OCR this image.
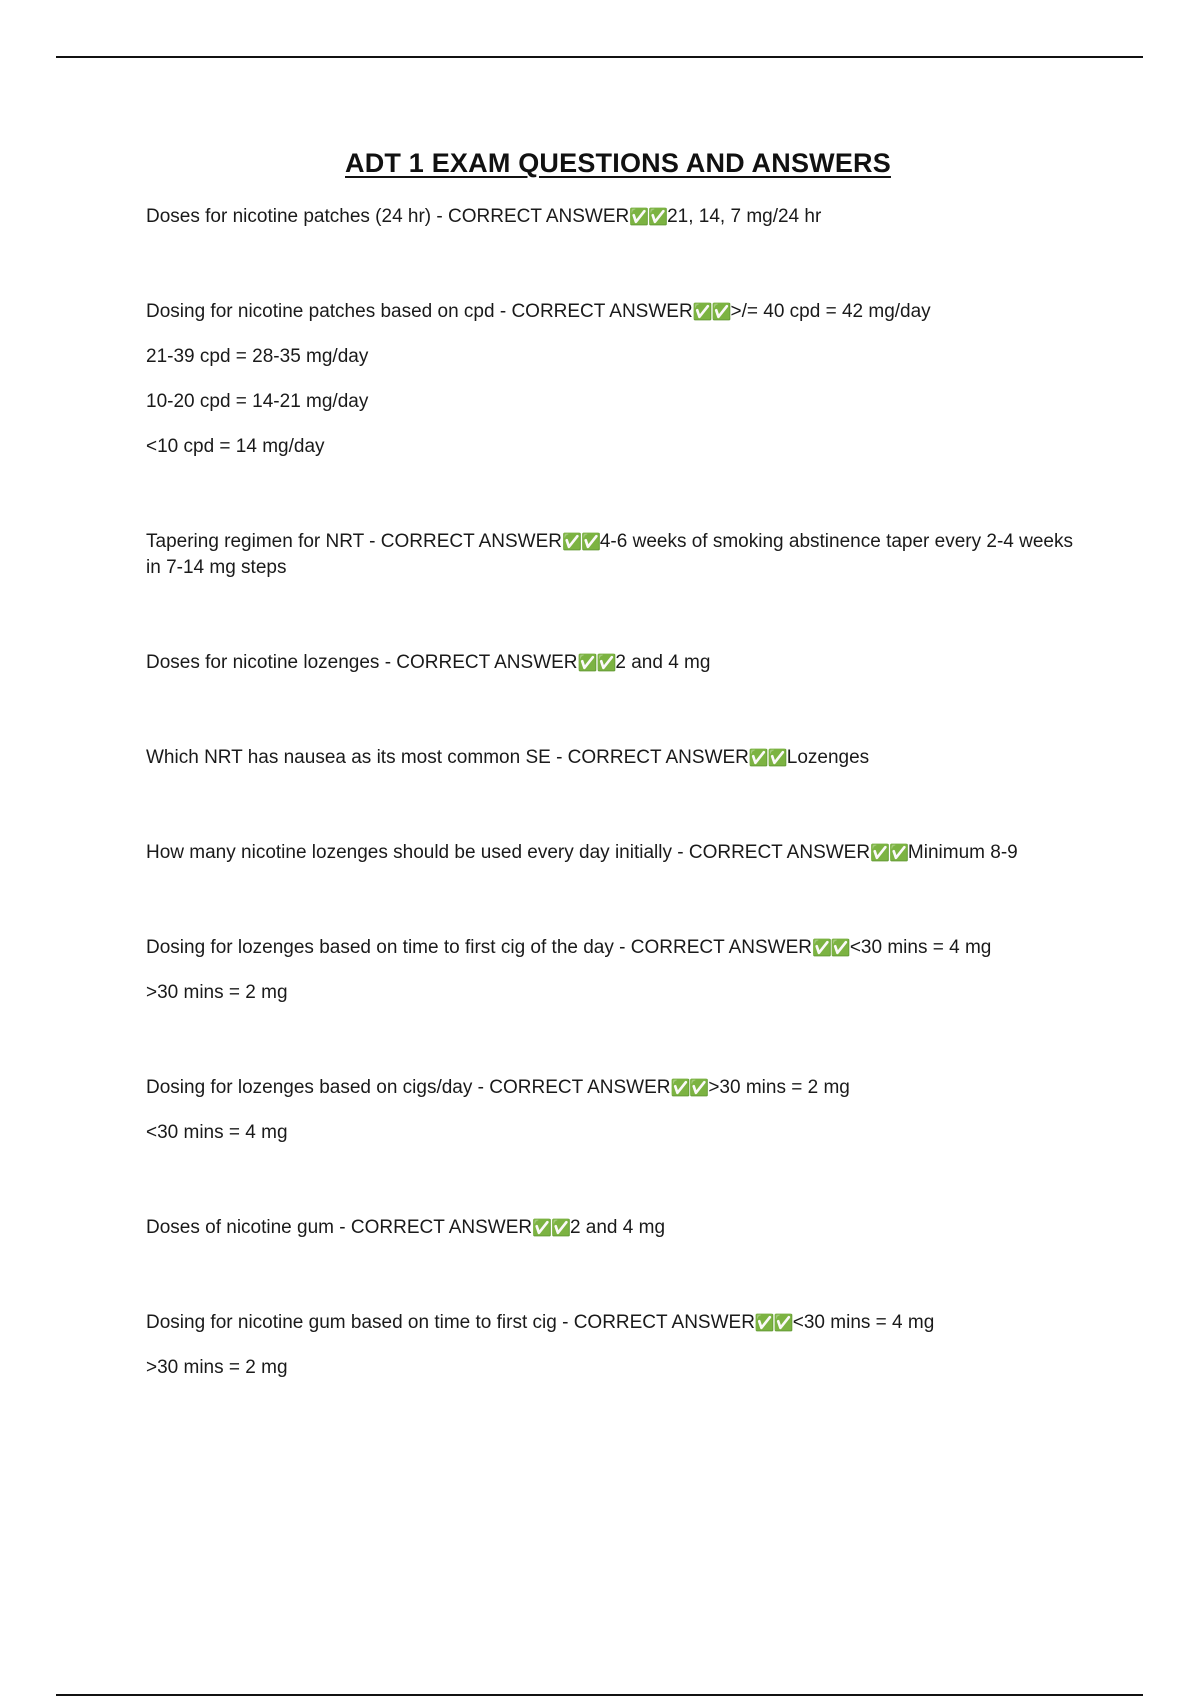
ADT 1 EXAM QUESTIONS AND ANSWERS
Doses for nicotine patches (24 hr) - CORRECT ANSWER✅✅21, 14, 7 mg/24 hr
Dosing for nicotine patches based on cpd - CORRECT ANSWER✅✅>/= 40 cpd = 42 mg/day
21-39 cpd = 28-35 mg/day
10-20 cpd = 14-21 mg/day
<10 cpd = 14 mg/day
Tapering regimen for NRT - CORRECT ANSWER✅✅4-6 weeks of smoking abstinence taper every 2-4 weeks in 7-14 mg steps
Doses for nicotine lozenges - CORRECT ANSWER✅✅2 and 4 mg
Which NRT has nausea as its most common SE - CORRECT ANSWER✅✅Lozenges
How many nicotine lozenges should be used every day initially - CORRECT ANSWER✅✅Minimum 8-9
Dosing for lozenges based on time to first cig of the day - CORRECT ANSWER✅✅<30 mins = 4 mg
>30 mins = 2 mg
Dosing for lozenges based on cigs/day - CORRECT ANSWER✅✅>30 mins = 2 mg
<30 mins = 4 mg
Doses of nicotine gum - CORRECT ANSWER✅✅2 and 4 mg
Dosing for nicotine gum based on time to first cig - CORRECT ANSWER✅✅<30 mins = 4 mg
>30 mins = 2 mg
